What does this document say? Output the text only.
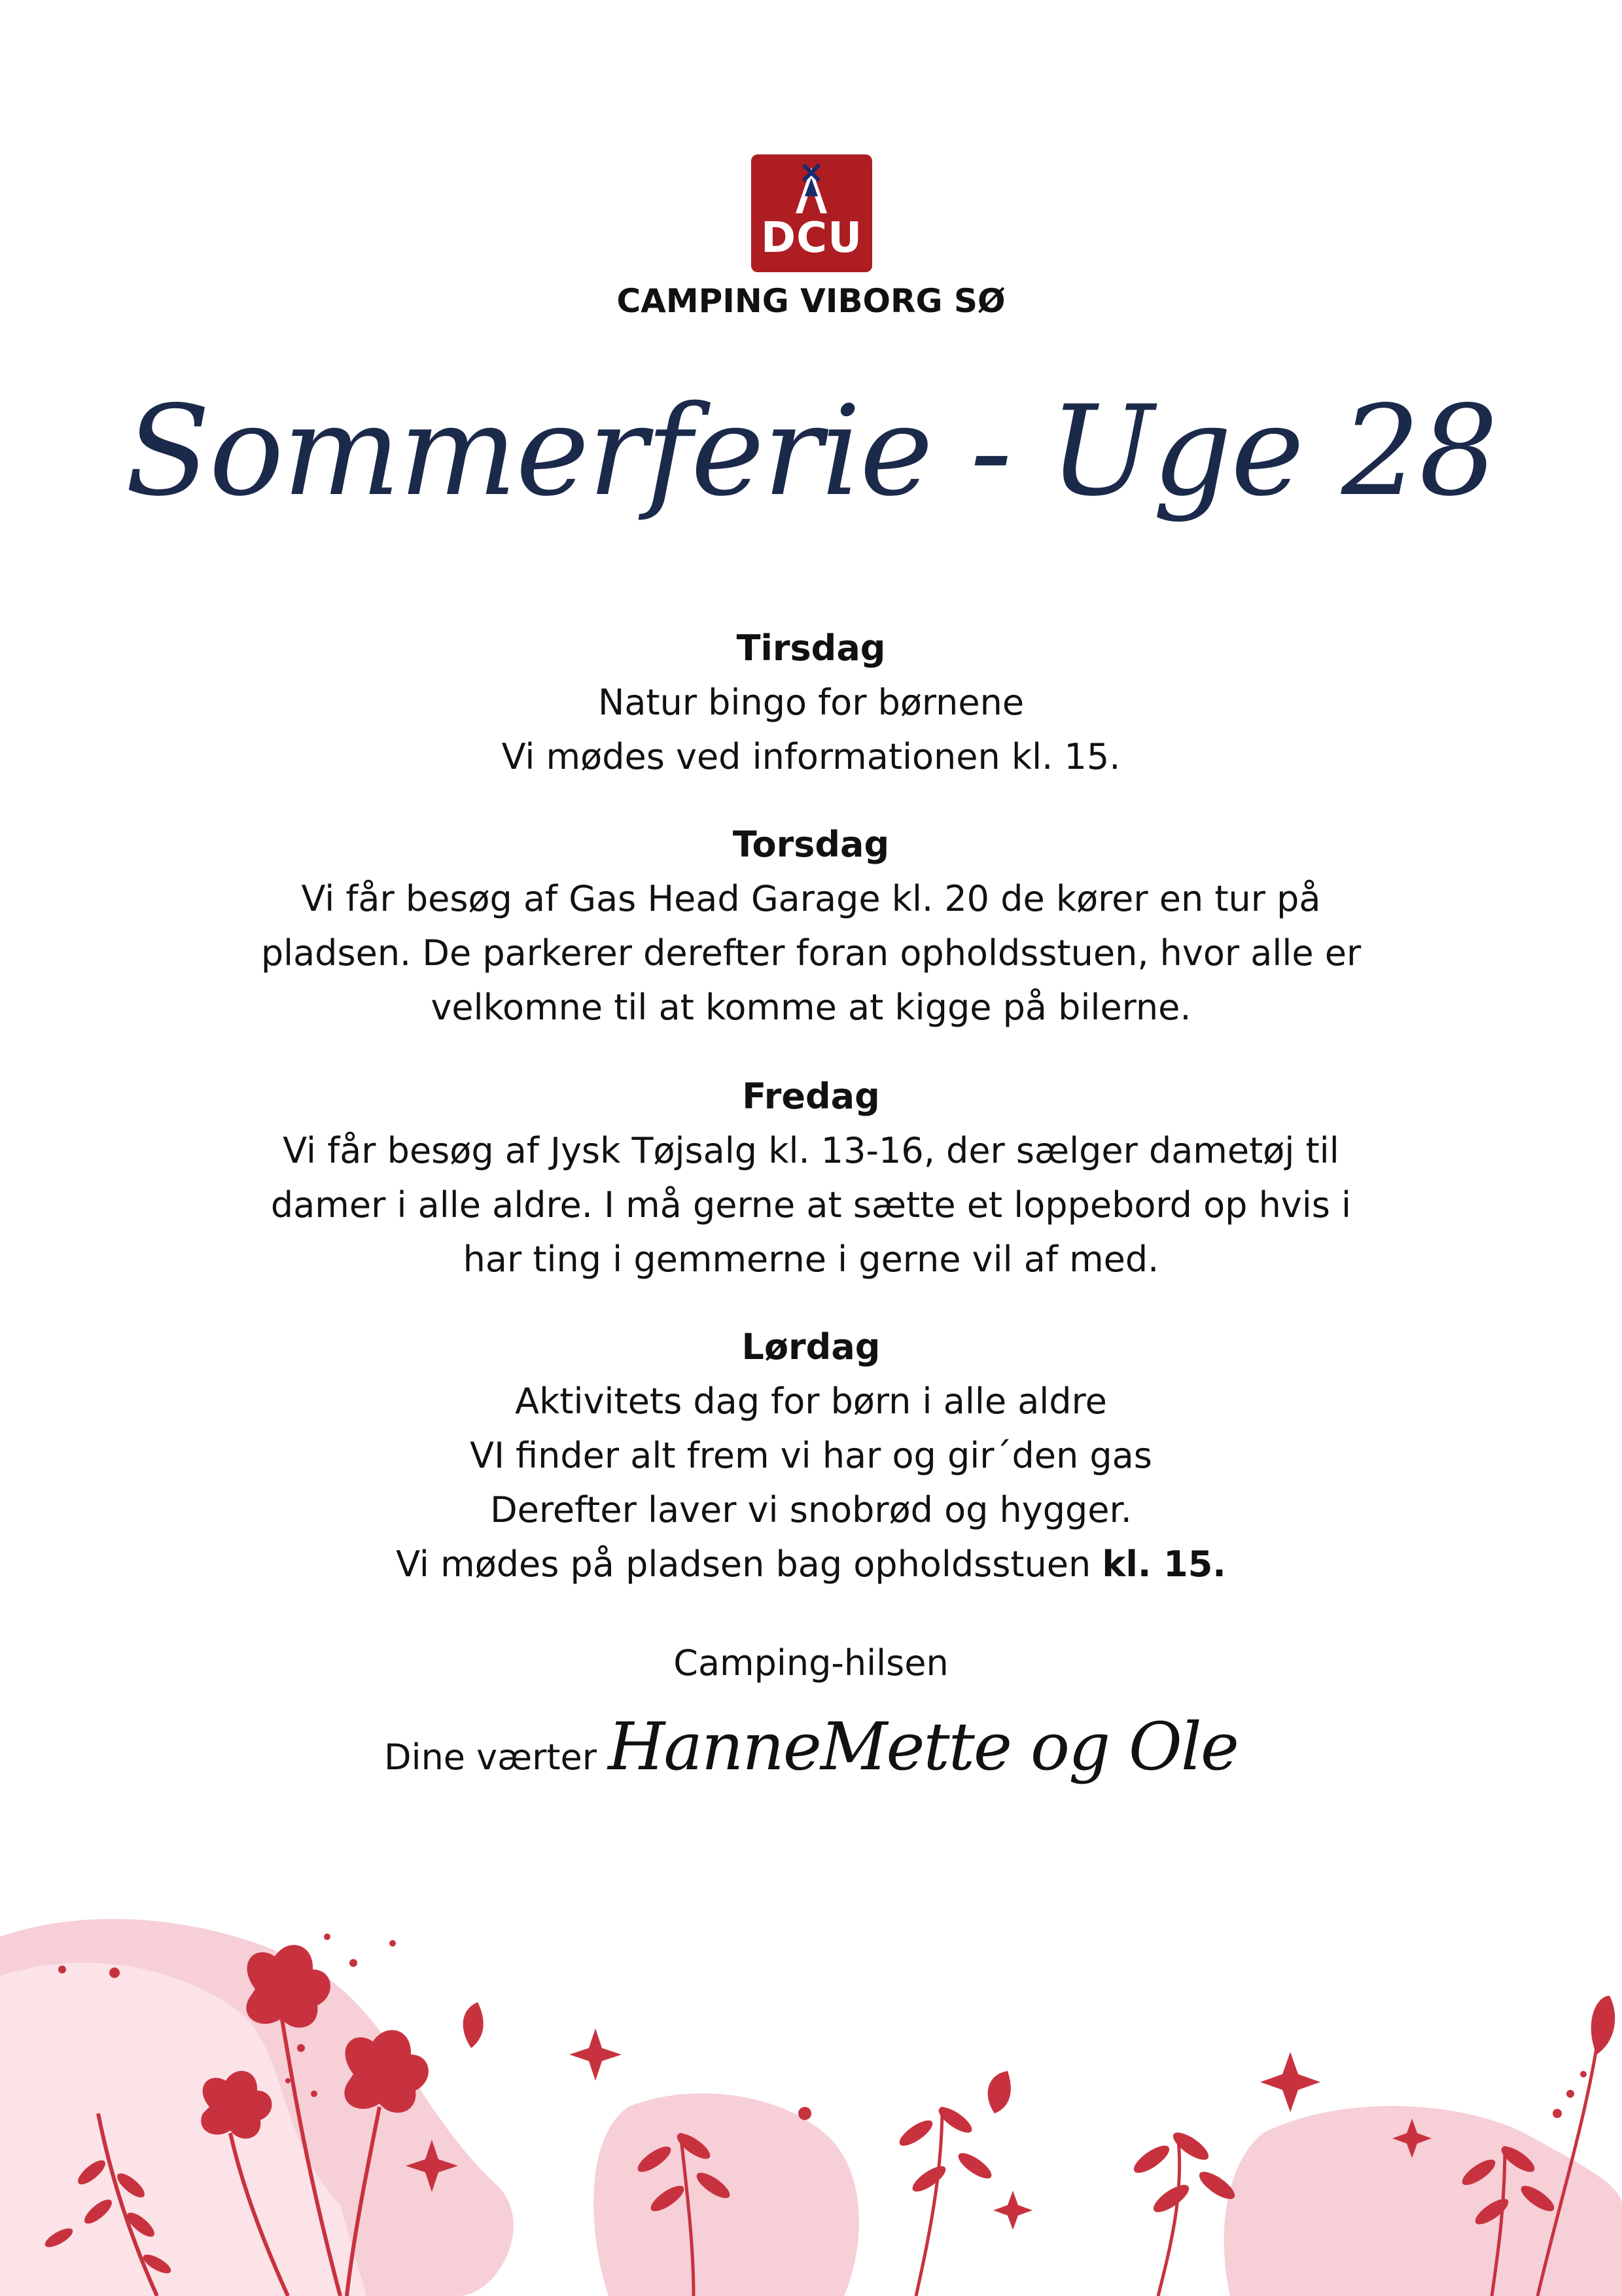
DCU
CAMPING VIBORG SØ
Sommerferie - Uge 28
Tirsdag
Natur bingo for børnene
Vi mødes ved informationen kl. 15.
Torsdag
Vi får besøg af Gas Head Garage kl. 20 de kører en tur på
pladsen. De parkerer derefter foran opholdsstuen, hvor alle er
velkomne til at komme at kigge på bilerne.
Fredag
Vi får besøg af Jysk Tøjsalg kl. 13-16, der sælger dametøj til
damer i alle aldre. I må gerne at sætte et loppebord op hvis i
har ting i gemmerne i gerne vil af med.
Lørdag
Aktivitets dag for børn i alle aldre
VI finder alt frem vi har og gir´den gas
Derefter laver vi snobrød og hygger.
Vi mødes på pladsen bag opholdsstuen kl. 15.
Camping-hilsen
Dine værter HanneMette og Ole
